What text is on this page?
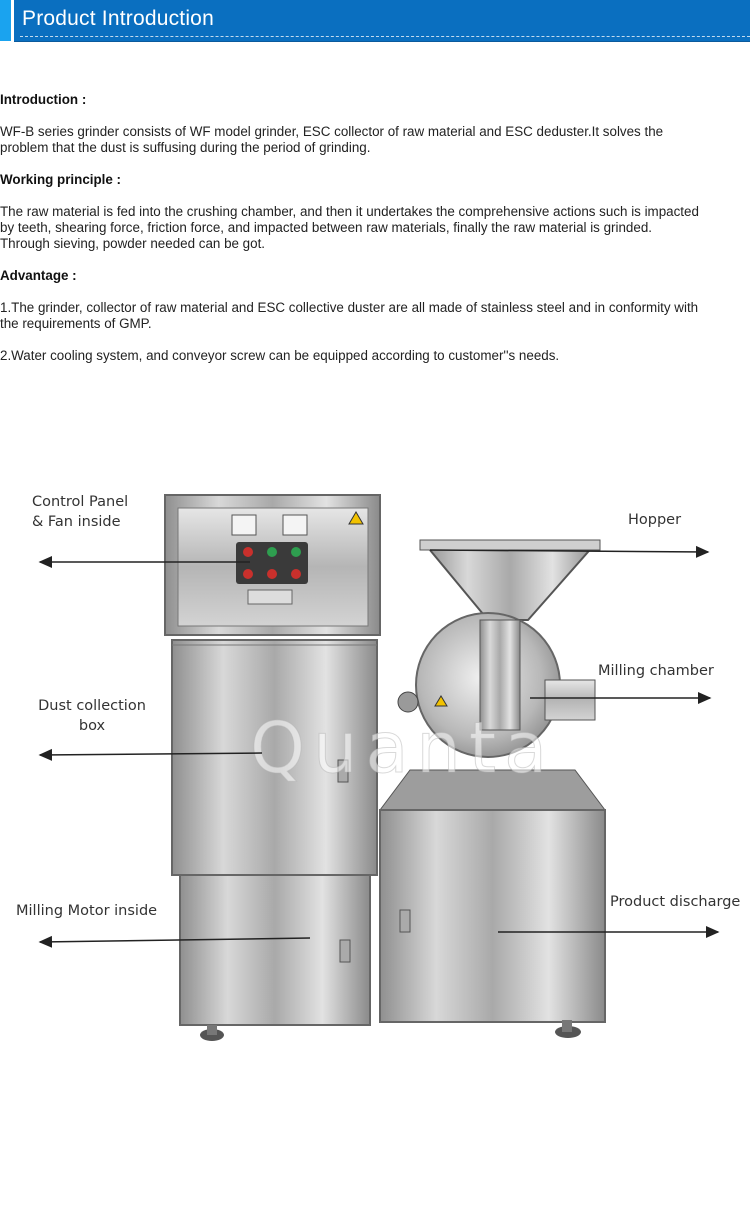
Product Introduction
Introduction :
WF-B series grinder consists of WF model grinder, ESC collector of raw material and ESC deduster.It solves the
problem that the dust is suffusing during the period of grinding.
Working principle :
The raw material is fed into the crushing chamber, and then it undertakes the comprehensive actions such is impacted
by teeth, shearing force, friction force, and impacted between raw materials, finally the raw material is grinded.
Through sieving, powder needed can be got.
Advantage :
1.The grinder, collector of raw material and ESC collective duster are all made of stainless steel and in conformity with
the requirements of GMP.
2.Water cooling system, and conveyor screw can be equipped according to customer''s needs.
Quanta
Control Panel
& Fan inside	Hopper
Milling chamber
Dust collection
box
Milling Motor inside
Product discharge
